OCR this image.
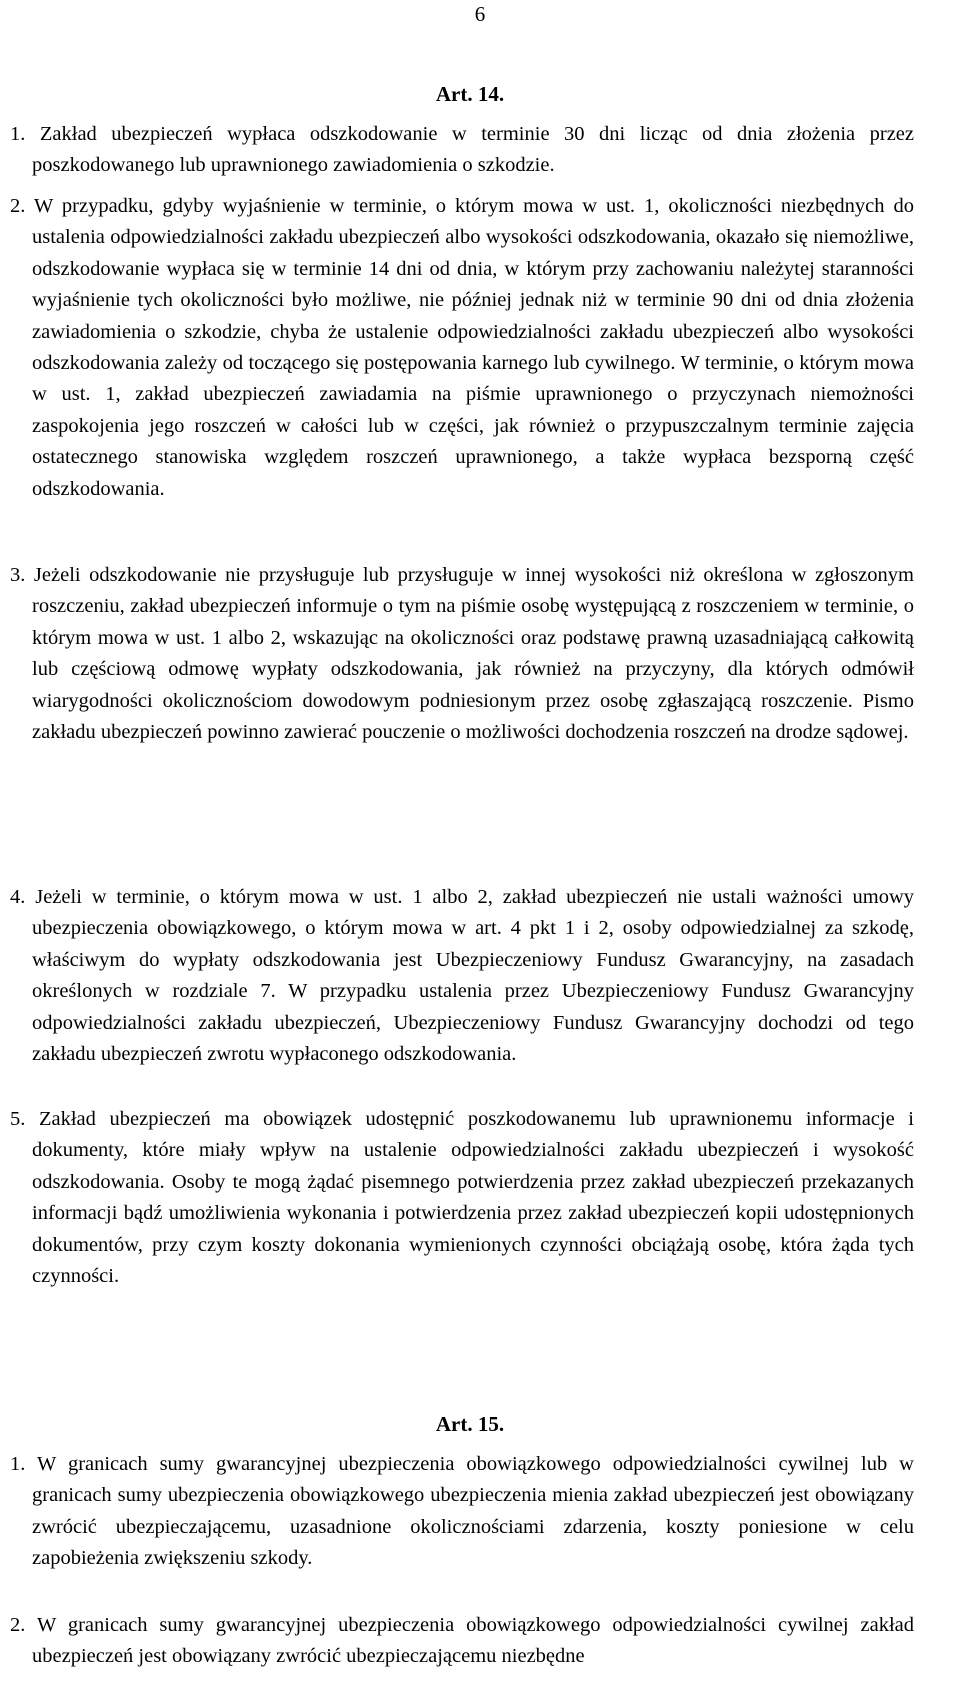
6
Art. 14.

1. Zakład ubezpieczeń wypłaca odszkodowanie w terminie 30 dni licząc od dnia złożenia przez poszkodowanego lub uprawnionego zawiadomienia o szkodzie.

2. W przypadku, gdyby wyjaśnienie w terminie, o którym mowa w ust. 1, okoliczności niezbędnych do ustalenia odpowiedzialności zakładu ubezpieczeń albo wysokości odszkodowania, okazało się niemożliwe, odszkodowanie wypłaca się w terminie 14 dni od dnia, w którym przy zachowaniu należytej staranności wyjaśnienie tych okoliczności było możliwe, nie później jednak niż w terminie 90 dni od dnia złożenia zawiadomienia o szkodzie, chyba że ustalenie odpowiedzialności zakładu ubezpieczeń albo wysokości odszkodowania zależy od toczącego się postępowania karnego lub cywilnego. W terminie, o którym mowa w ust. 1, zakład ubezpieczeń zawiadamia na piśmie uprawnionego o przyczynach niemożności zaspokojenia jego roszczeń w całości lub w części, jak również o przypuszczalnym terminie zajęcia ostatecznego stanowiska względem roszczeń uprawnionego, a także wypłaca bezsporną część odszkodowania.

3. Jeżeli odszkodowanie nie przysługuje lub przysługuje w innej wysokości niż określona w zgłoszonym roszczeniu, zakład ubezpieczeń informuje o tym na piśmie osobę występującą z roszczeniem w terminie, o którym mowa w ust. 1 albo 2, wskazując na okoliczności oraz podstawę prawną uzasadniającą całkowitą lub częściową odmowę wypłaty odszkodowania, jak również na przyczyny, dla których odmówił wiarygodności okolicznościom dowodowym podniesionym przez osobę zgłaszającą roszczenie. Pismo zakładu ubezpieczeń powinno zawierać pouczenie o możliwości dochodzenia roszczeń na drodze sądowej.

4. Jeżeli w terminie, o którym mowa w ust. 1 albo 2, zakład ubezpieczeń nie ustali ważności umowy ubezpieczenia obowiązkowego, o którym mowa w art. 4 pkt 1 i 2, osoby odpowiedzialnej za szkodę, właściwym do wypłaty odszkodowania jest Ubezpieczeniowy Fundusz Gwarancyjny, na zasadach określonych w rozdziale 7. W przypadku ustalenia przez Ubezpieczeniowy Fundusz Gwarancyjny odpowiedzialności zakładu ubezpieczeń, Ubezpieczeniowy Fundusz Gwarancyjny dochodzi od tego zakładu ubezpieczeń zwrotu wypłaconego odszkodowania.

5. Zakład ubezpieczeń ma obowiązek udostępnić poszkodowanemu lub uprawnionemu informacje i dokumenty, które miały wpływ na ustalenie odpowiedzialności zakładu ubezpieczeń i wysokość odszkodowania. Osoby te mogą żądać pisemnego potwierdzenia przez zakład ubezpieczeń przekazanych informacji bądź umożliwienia wykonania i potwierdzenia przez zakład ubezpieczeń kopii udostępnionych dokumentów, przy czym koszty dokonania wymienionych czynności obciążają osobę, która żąda tych czynności.

Art. 15.

1. W granicach sumy gwarancyjnej ubezpieczenia obowiązkowego odpowiedzialności cywilnej lub w granicach sumy ubezpieczenia obowiązkowego ubezpieczenia mienia zakład ubezpieczeń jest obowiązany zwrócić ubezpieczającemu, uzasadnione okolicznościami zdarzenia, koszty poniesione w celu zapobieżenia zwiększeniu szkody.

2. W granicach sumy gwarancyjnej ubezpieczenia obowiązkowego odpowiedzialności cywilnej zakład ubezpieczeń jest obowiązany zwrócić ubezpieczającemu niezbędne
